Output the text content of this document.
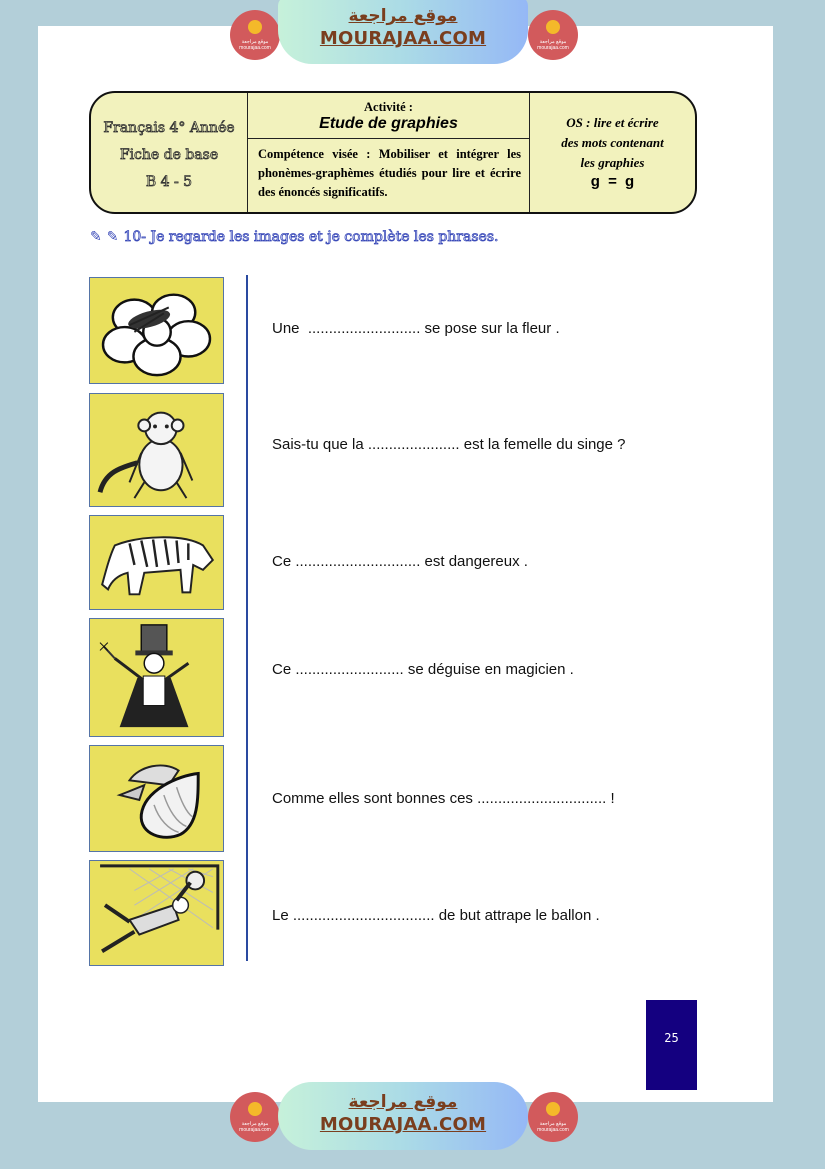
موقع مراجعة
mourajaa.com
موقع مراجعة
MOURAJAA.COM	موقع مراجعة
mourajaa.com
Français 4° Année
Fiche de base
B 4 - 5
Activité :
Etude de graphies
Compétence visée : Mobiliser et intégrer les phonèmes-graphèmes étudiés pour lire et écrire des énoncés significatifs.
OS : lire et écrire
des mots contenant
les graphies
g = g
✎ ✎ 10- Je regarde les images et je complète les phrases.
Une  ........................... se pose sur la fleur .
Sais-tu que la ...................... est la femelle du singe ?
Ce .............................. est dangereux .
Ce .......................... se déguise en magicien .
Comme elles sont bonnes ces ............................... !
Le .................................. de but attrape le ballon .
25
موقع مراجعة
mourajaa.com
موقع مراجعة
MOURAJAA.COM	موقع مراجعة
mourajaa.com
